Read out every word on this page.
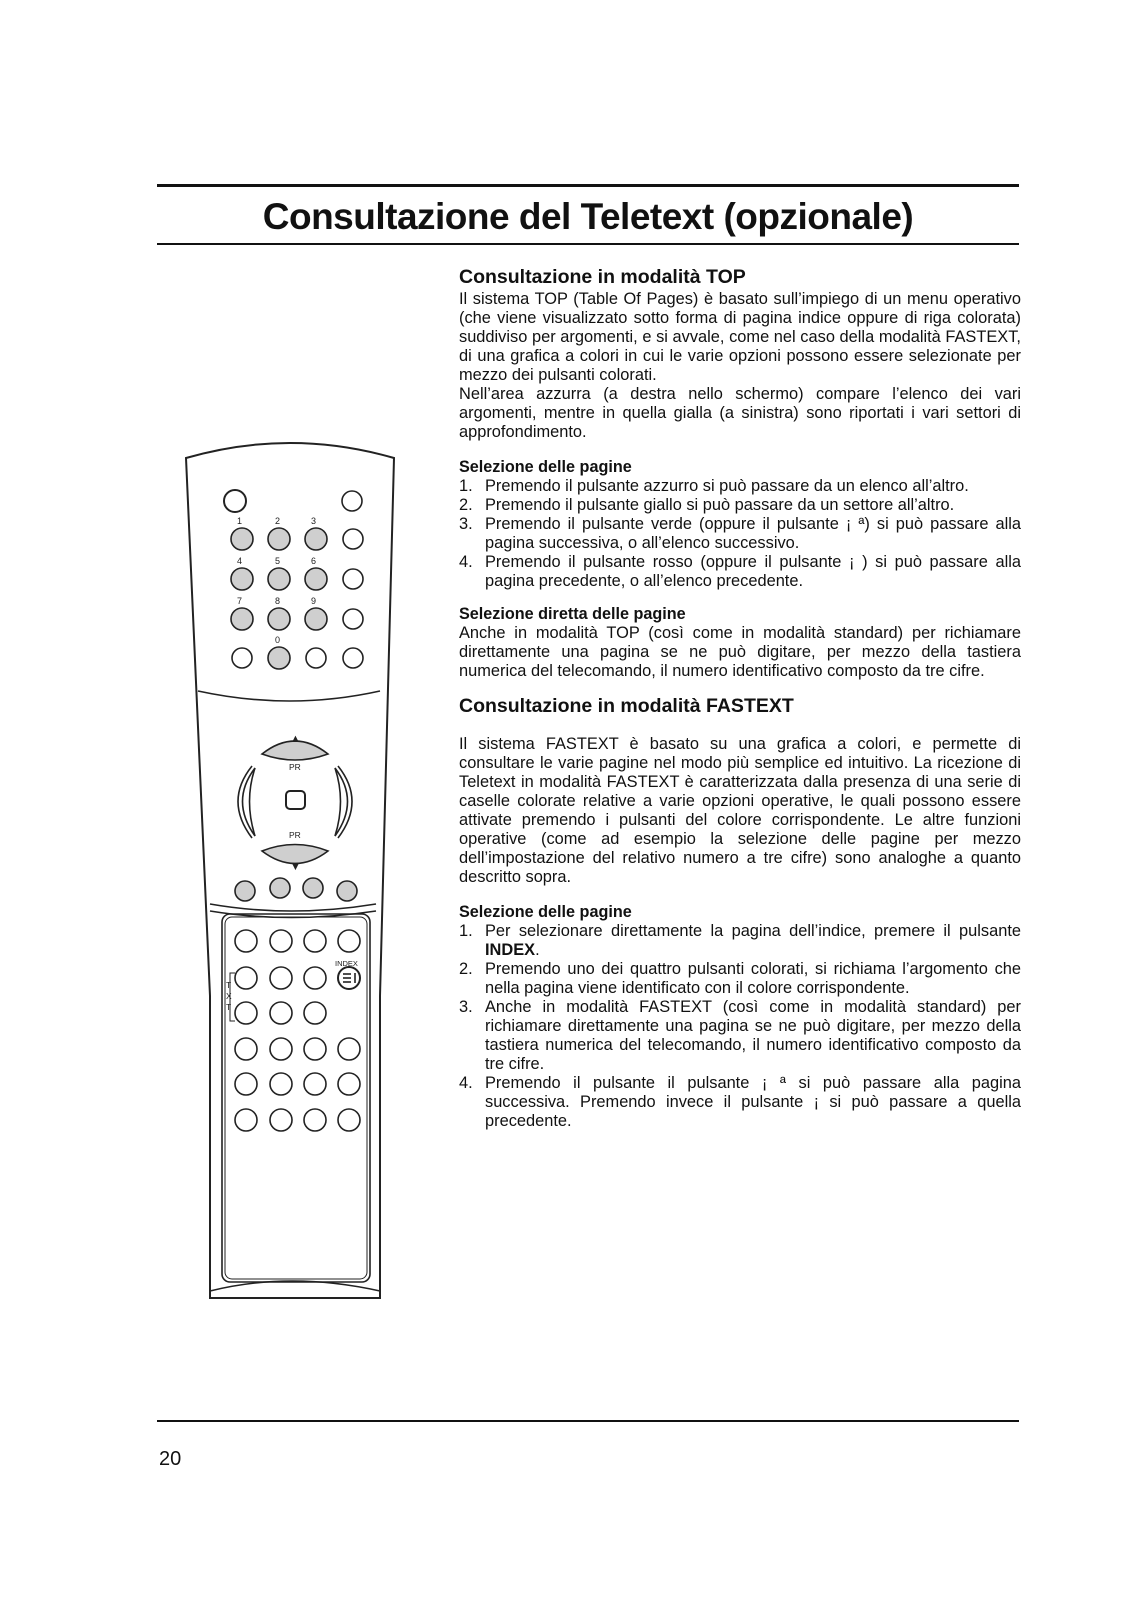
Consultazione del Teletext (opzionale)
1	2	3
4	5	6
7	8	9
0
PR
PR
▲
▼
INDEX
T
X
T
Consultazione in modalità TOP

Il sistema TOP (Table Of Pages) è basato sull’impiego di un menu operativo (che viene visualizzato sotto forma di pagina indice oppure di riga colorata) suddiviso per argomenti, e si avvale, come nel caso della modalità FASTEXT, di una grafica a colori in cui le varie opzioni possono essere selezionate per mezzo dei pulsanti colorati.

Nell’area azzurra (a destra nello schermo) compare l’elenco dei vari argomenti, mentre in quella gialla (a sinistra) sono riportati i vari settori di approfondimento.

Selezione delle pagine
1. Premendo il pulsante azzurro si può passare da un elenco all’altro.
2. Premendo il pulsante giallo si può passare da un settore all’altro.
3. Premendo il pulsante verde (oppure il pulsante ¡ ª) si può passare alla pagina successiva, o all’elenco successivo.
4. Premendo il pulsante rosso (oppure il pulsante ¡ ) si può passare alla pagina precedente, o all’elenco precedente.
Selezione diretta delle pagine

Anche in modalità TOP (così come in modalità standard) per richiamare direttamente una pagina se ne può digitare, per mezzo della tastiera numerica del telecomando, il numero identificativo composto da tre cifre.

Consultazione in modalità FASTEXT

Il sistema FASTEXT è basato su una grafica a colori, e permette di consultare le varie pagine nel modo più semplice ed intuitivo. La ricezione di Teletext in modalità FASTEXT è caratterizzata dalla presenza di una serie di caselle colorate relative a varie opzioni operative, le quali possono essere attivate premendo i pulsanti del colore corrispondente. Le altre funzioni operative (come ad esempio la selezione delle pagine per mezzo dell’impostazione del relativo numero a tre cifre) sono analoghe a quanto descritto sopra.

Selezione delle pagine
1. Per selezionare direttamente la pagina dell’indice, premere il pulsante INDEX.
2. Premendo uno dei quattro pulsanti colorati, si richiama l’argomento che nella pagina viene identificato con il colore corrispondente.
3. Anche in modalità FASTEXT (così come in modalità standard) per richiamare direttamente una pagina se ne può digitare, per mezzo della tastiera numerica del telecomando, il numero identificativo composto da tre cifre.
4. Premendo il pulsante il pulsante ¡ ª si può passare alla pagina successiva. Premendo invece il pulsante ¡ si può passare a quella precedente.
20
